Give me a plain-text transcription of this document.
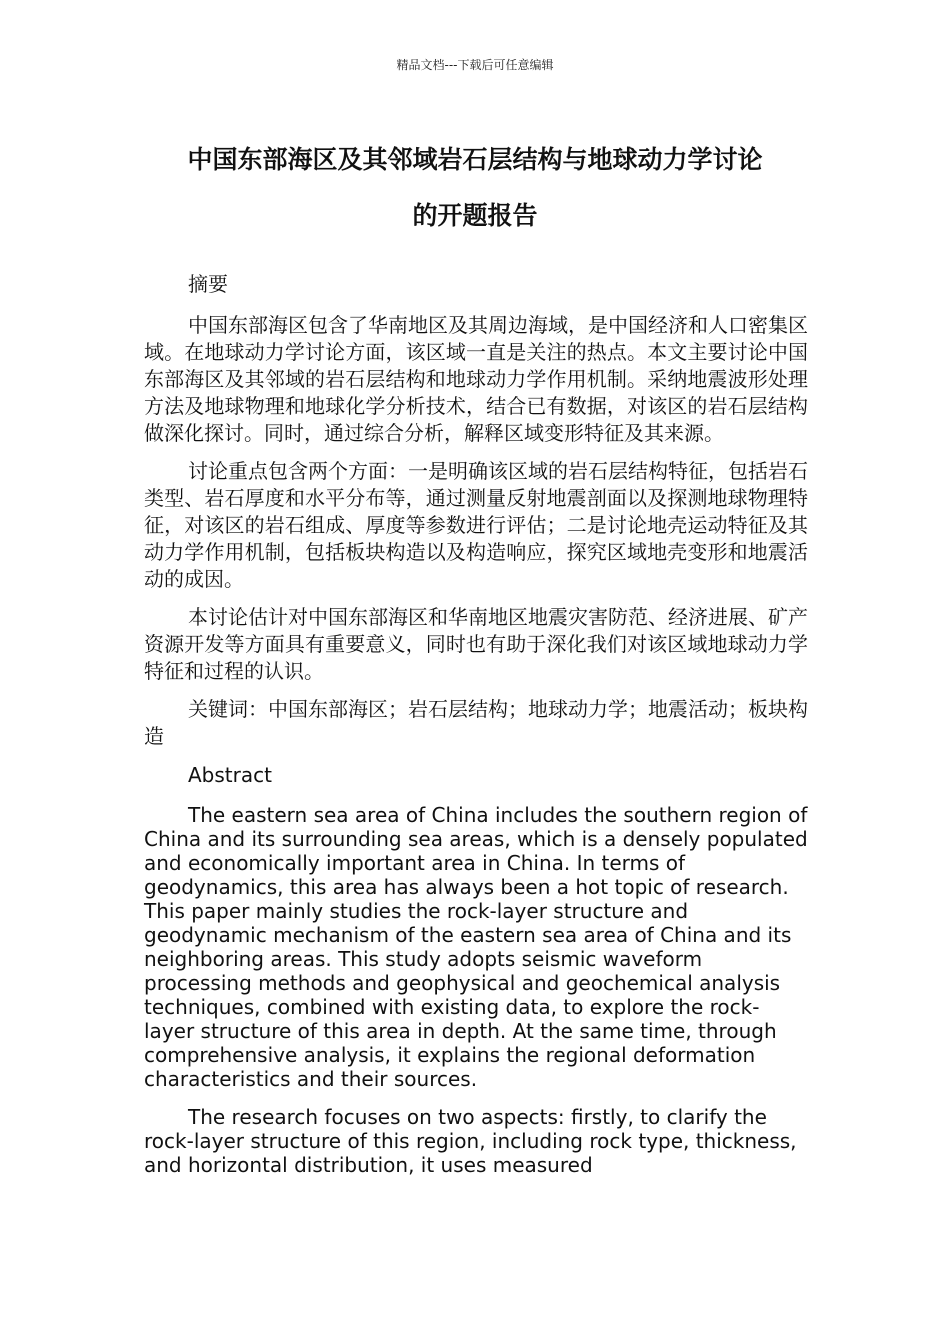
精品文档---下载后可任意编辑
中国东部海区及其邻域岩石层结构与地球动力学讨论
的开题报告

摘要

中国东部海区包含了华南地区及其周边海域，是中国经济和人口密集区域。在地球动力学讨论方面，该区域一直是关注的热点。本文主要讨论中国东部海区及其邻域的岩石层结构和地球动力学作用机制。采纳地震波形处理方法及地球物理和地球化学分析技术，结合已有数据，对该区的岩石层结构做深化探讨。同时，通过综合分析，解释区域变形特征及其来源。

讨论重点包含两个方面：一是明确该区域的岩石层结构特征，包括岩石类型、岩石厚度和水平分布等，通过测量反射地震剖面以及探测地球物理特征，对该区的岩石组成、厚度等参数进行评估；二是讨论地壳运动特征及其动力学作用机制，包括板块构造以及构造响应，探究区域地壳变形和地震活动的成因。

本讨论估计对中国东部海区和华南地区地震灾害防范、经济进展、矿产资源开发等方面具有重要意义，同时也有助于深化我们对该区域地球动力学特征和过程的认识。

关键词：中国东部海区；岩石层结构；地球动力学；地震活动；板块构造

Abstract

The eastern sea area of China includes the southern region of China and its surrounding sea areas, which is a densely populated and economically important area in China. In terms of geodynamics, this area has always been a hot topic of research. This paper mainly studies the rock-layer structure and geodynamic mechanism of the eastern sea area of China and its neighboring areas. This study adopts seismic waveform processing methods and geophysical and geochemical analysis techniques, combined with existing data, to explore the rock-layer structure of this area in depth. At the same time, through comprehensive analysis, it explains the regional deformation characteristics and their sources.

The research focuses on two aspects: firstly, to clarify the rock-layer structure of this region, including rock type, thickness, and horizontal distribution, it uses measured
